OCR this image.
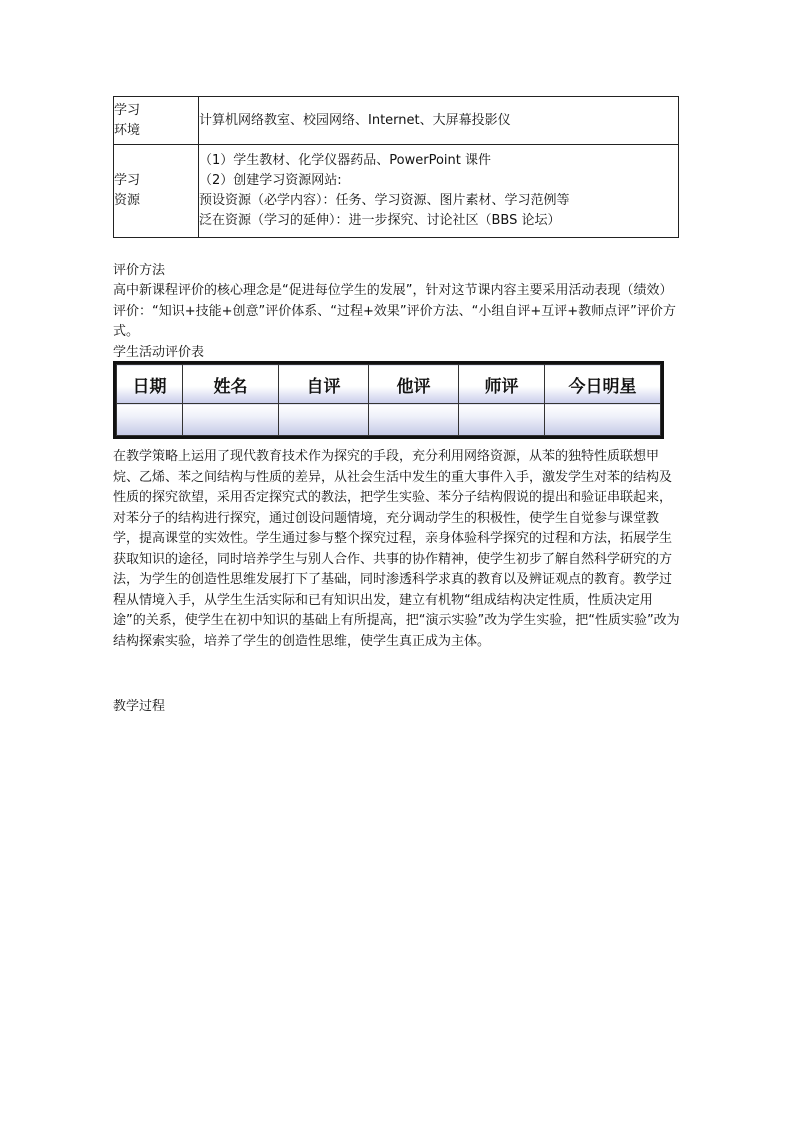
学习
环境	计算机网络教室、校园网络、Internet、大屏幕投影仪

学习
资源	（1）学生教材、化学仪器药品、PowerPoint 课件
（2）创建学习资源网站:
预设资源（必学内容）：任务、学习资源、图片素材、学习范例等
泛在资源（学习的延伸）：进一步探究、讨论社区（BBS 论坛）
评价方法
高中新课程评价的核心理念是“促进每位学生的发展”，针对这节课内容主要采用活动表现（绩效）评价：“知识+技能+创意”评价体系、“过程+效果”评价方法、“小组自评+互评+教师点评”评价方式。
学生活动评价表
日期	姓名	自评	他评	师评	今日明星

在教学策略上运用了现代教育技术作为探究的手段，充分利用网络资源，从苯的独特性质联想甲烷、乙烯、苯之间结构与性质的差异，从社会生活中发生的重大事件入手，激发学生对苯的结构及性质的探究欲望，采用否定探究式的教法，把学生实验、苯分子结构假说的提出和验证串联起来，对苯分子的结构进行探究，通过创设问题情境，充分调动学生的积极性，使学生自觉参与课堂教学，提高课堂的实效性。学生通过参与整个探究过程，亲身体验科学探究的过程和方法，拓展学生获取知识的途径，同时培养学生与别人合作、共事的协作精神，使学生初步了解自然科学研究的方法，为学生的创造性思维发展打下了基础，同时渗透科学求真的教育以及辨证观点的教育。教学过程从情境入手，从学生生活实际和已有知识出发，建立有机物“组成结构决定性质，性质决定用途”的关系，使学生在初中知识的基础上有所提高，把“演示实验”改为学生实验，把“性质实验”改为结构探索实验，培养了学生的创造性思维，使学生真正成为主体。
教学过程
